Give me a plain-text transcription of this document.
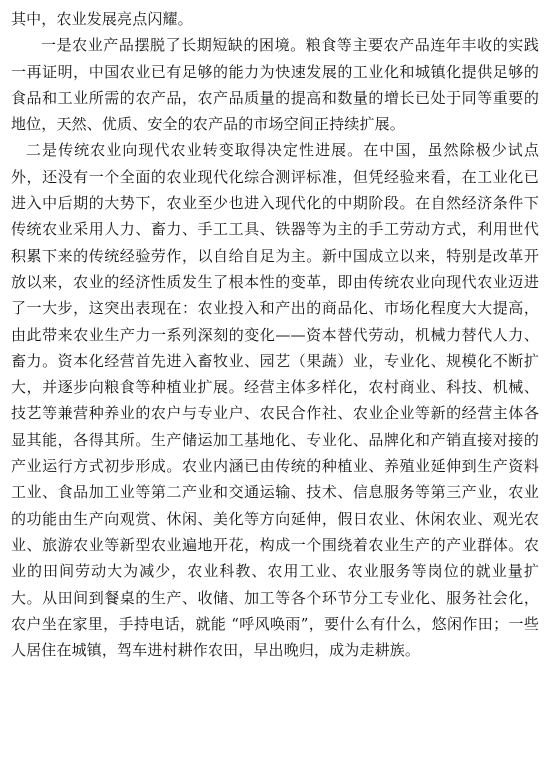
其中，农业发展亮点闪耀。

一是农业产品摆脱了长期短缺的困境。粮食等主要农产品连年丰收的实践一再证明，中国农业已有足够的能力为快速发展的工业化和城镇化提供足够的食品和工业所需的农产品，农产品质量的提高和数量的增长已处于同等重要的地位，天然、优质、安全的农产品的市场空间正持续扩展。

二是传统农业向现代农业转变取得决定性进展。在中国，虽然除极少试点外，还没有一个全面的农业现代化综合测评标准，但凭经验来看，在工业化已进入中后期的大势下，农业至少也进入现代化的中期阶段。在自然经济条件下传统农业采用人力、畜力、手工工具、铁器等为主的手工劳动方式，利用世代积累下来的传统经验劳作，以自给自足为主。新中国成立以来，特别是改革开放以来，农业的经济性质发生了根本性的变革，即由传统农业向现代农业迈进了一大步，这突出表现在：农业投入和产出的商品化、市场化程度大大提高，由此带来农业生产力一系列深刻的变化——资本替代劳动，机械力替代人力、畜力。资本化经营首先进入畜牧业、园艺（果蔬）业，专业化、规模化不断扩大，并逐步向粮食等种植业扩展。经营主体多样化，农村商业、科技、机械、技艺等兼营种养业的农户与专业户、农民合作社、农业企业等新的经营主体各显其能，各得其所。生产储运加工基地化、专业化、品牌化和产销直接对接的产业运行方式初步形成。农业内涵已由传统的种植业、养殖业延伸到生产资料工业、食品加工业等第二产业和交通运输、技术、信息服务等第三产业，农业的功能由生产向观赏、休闲、美化等方向延伸，假日农业、休闲农业、观光农业、旅游农业等新型农业遍地开花，构成一个围绕着农业生产的产业群体。农业的田间劳动大为减少，农业科教、农用工业、农业服务等岗位的就业量扩大。从田间到餐桌的生产、收储、加工等各个环节分工专业化、服务社会化，农户坐在家里，手持电话，就能 “呼风唤雨”，要什么有什么，悠闲作田；一些人居住在城镇，驾车进村耕作农田，早出晚归，成为走耕族。
